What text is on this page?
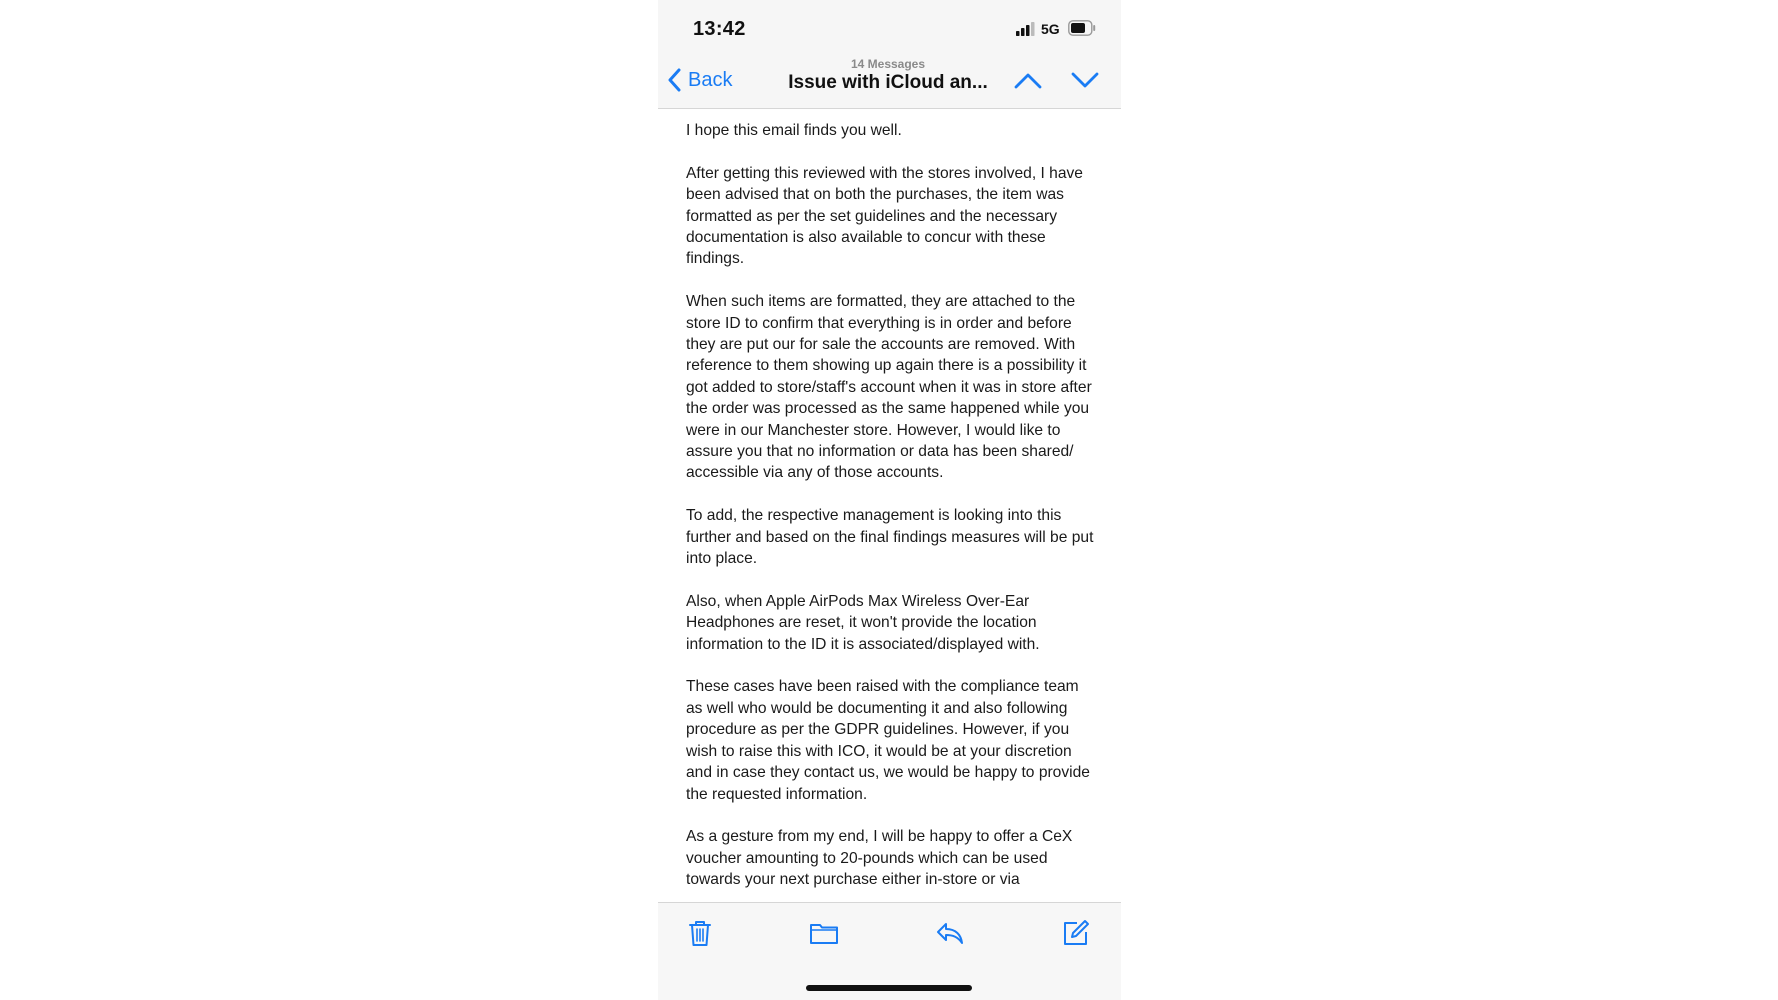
13:42	5G
Back
14 Messages
Issue with iCloud an...

I hope this email finds you well.

After getting this reviewed with the stores involved, I have been advised that on both the purchases, the item was formatted as per the set guidelines and the necessary documentation is also available to concur with these findings.

When such items are formatted, they are attached to the store ID to confirm that everything is in order and before they are put our for sale the accounts are removed. With reference to them showing up again there is a possibility it got added to store/staff's account when it was in store after the order was processed as the same happened while you were in our Manchester store. However, I would like to assure you that no information or data has been shared/ accessible via any of those accounts.

To add, the respective management is looking into this further and based on the final findings measures will be put into place.

Also, when Apple AirPods Max Wireless Over-Ear Headphones are reset, it won't provide the location information to the ID it is associated/displayed with.

These cases have been raised with the compliance team as well who would be documenting it and also following procedure as per the GDPR guidelines. However, if you wish to raise this with ICO, it would be at your discretion and in case they contact us, we would be happy to provide the requested information.

As a gesture from my end, I will be happy to offer a CeX voucher amounting to 20-pounds which can be used towards your next purchase either in-store or via
